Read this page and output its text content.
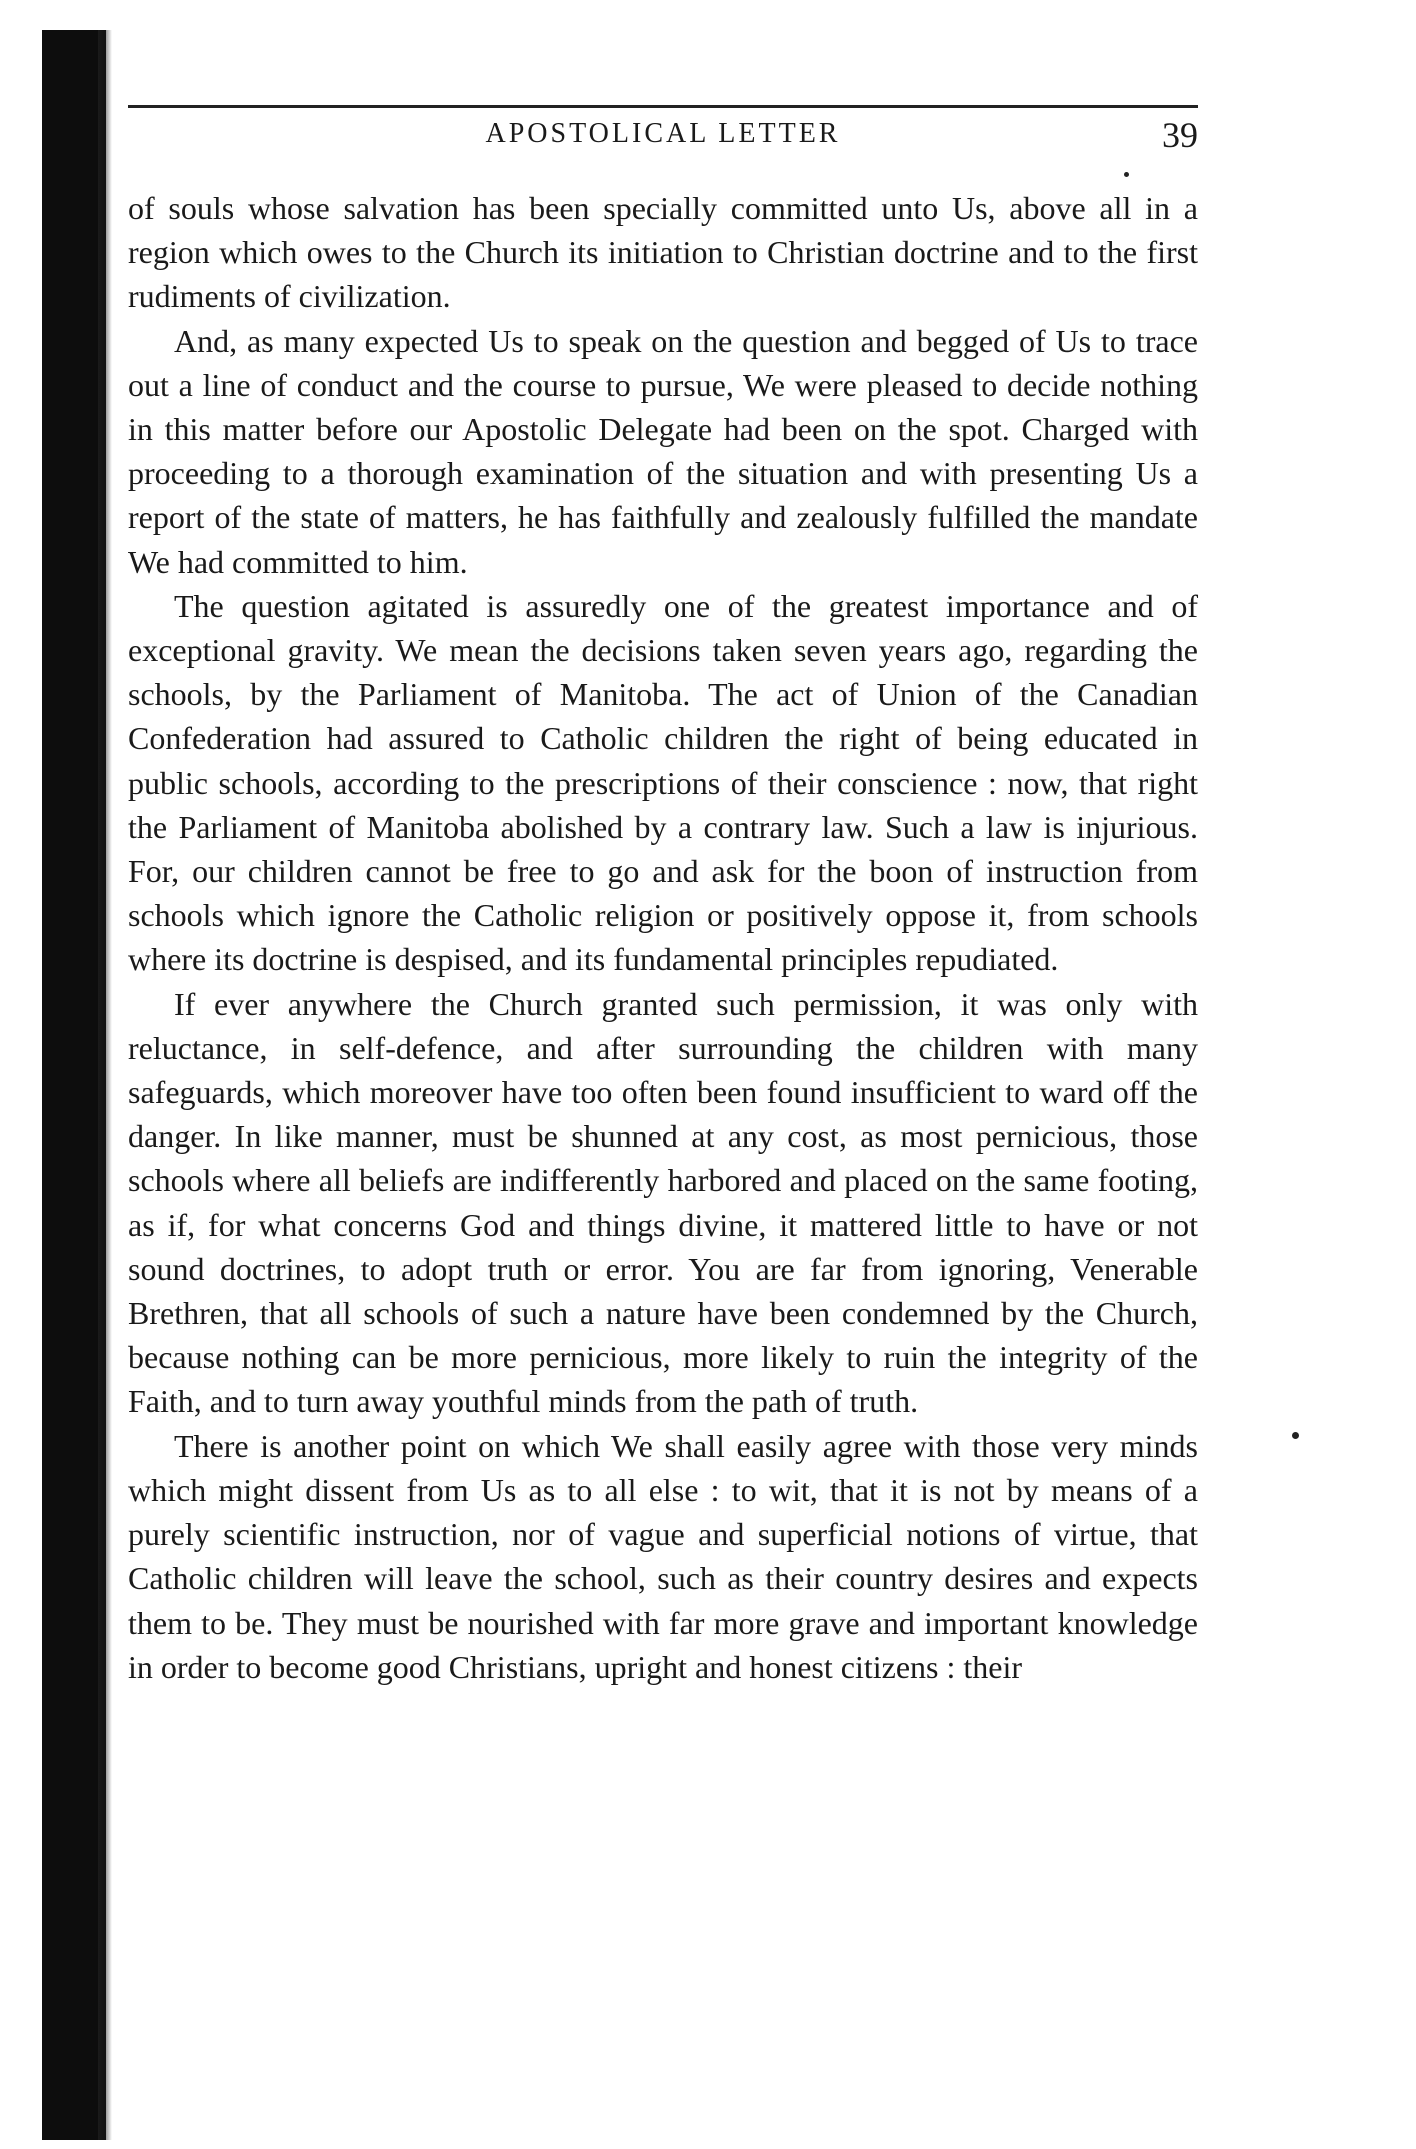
APOSTOLICAL LETTER	39

of souls whose salvation has been specially committed unto Us, above all in a region which owes to the Church its initiation to Christian doctrine and to the first rudiments of civilization.

And, as many expected Us to speak on the question and begged of Us to trace out a line of conduct and the course to pursue, We were pleased to decide nothing in this matter before our Apostolic Delegate had been on the spot. Charged with proceeding to a thorough examination of the situation and with presenting Us a report of the state of matters, he has faithfully and zealously fulfilled the mandate We had committed to him.

The question agitated is assuredly one of the greatest importance and of exceptional gravity. We mean the decisions taken seven years ago, regarding the schools, by the Parliament of Manitoba. The act of Union of the Canadian Confederation had assured to Catholic children the right of being educated in public schools, according to the prescriptions of their conscience : now, that right the Parliament of Manitoba abolished by a contrary law. Such a law is injurious. For, our children cannot be free to go and ask for the boon of instruction from schools which ignore the Catholic religion or positively oppose it, from schools where its doctrine is despised, and its fundamental principles repudiated.

If ever anywhere the Church granted such permission, it was only with reluctance, in self-defence, and after surrounding the children with many safeguards, which moreover have too often been found insufficient to ward off the danger. In like manner, must be shunned at any cost, as most pernicious, those schools where all beliefs are indifferently harbored and placed on the same footing, as if, for what concerns God and things divine, it mattered little to have or not sound doctrines, to adopt truth or error. You are far from ignoring, Venerable Brethren, that all schools of such a nature have been condemned by the Church, because nothing can be more pernicious, more likely to ruin the integrity of the Faith, and to turn away youthful minds from the path of truth.

There is another point on which We shall easily agree with those very minds which might dissent from Us as to all else : to wit, that it is not by means of a purely scientific instruction, nor of vague and superficial notions of virtue, that Catholic children will leave the school, such as their country desires and expects them to be. They must be nourished with far more grave and important knowledge in order to become good Christians, upright and honest citizens : their
